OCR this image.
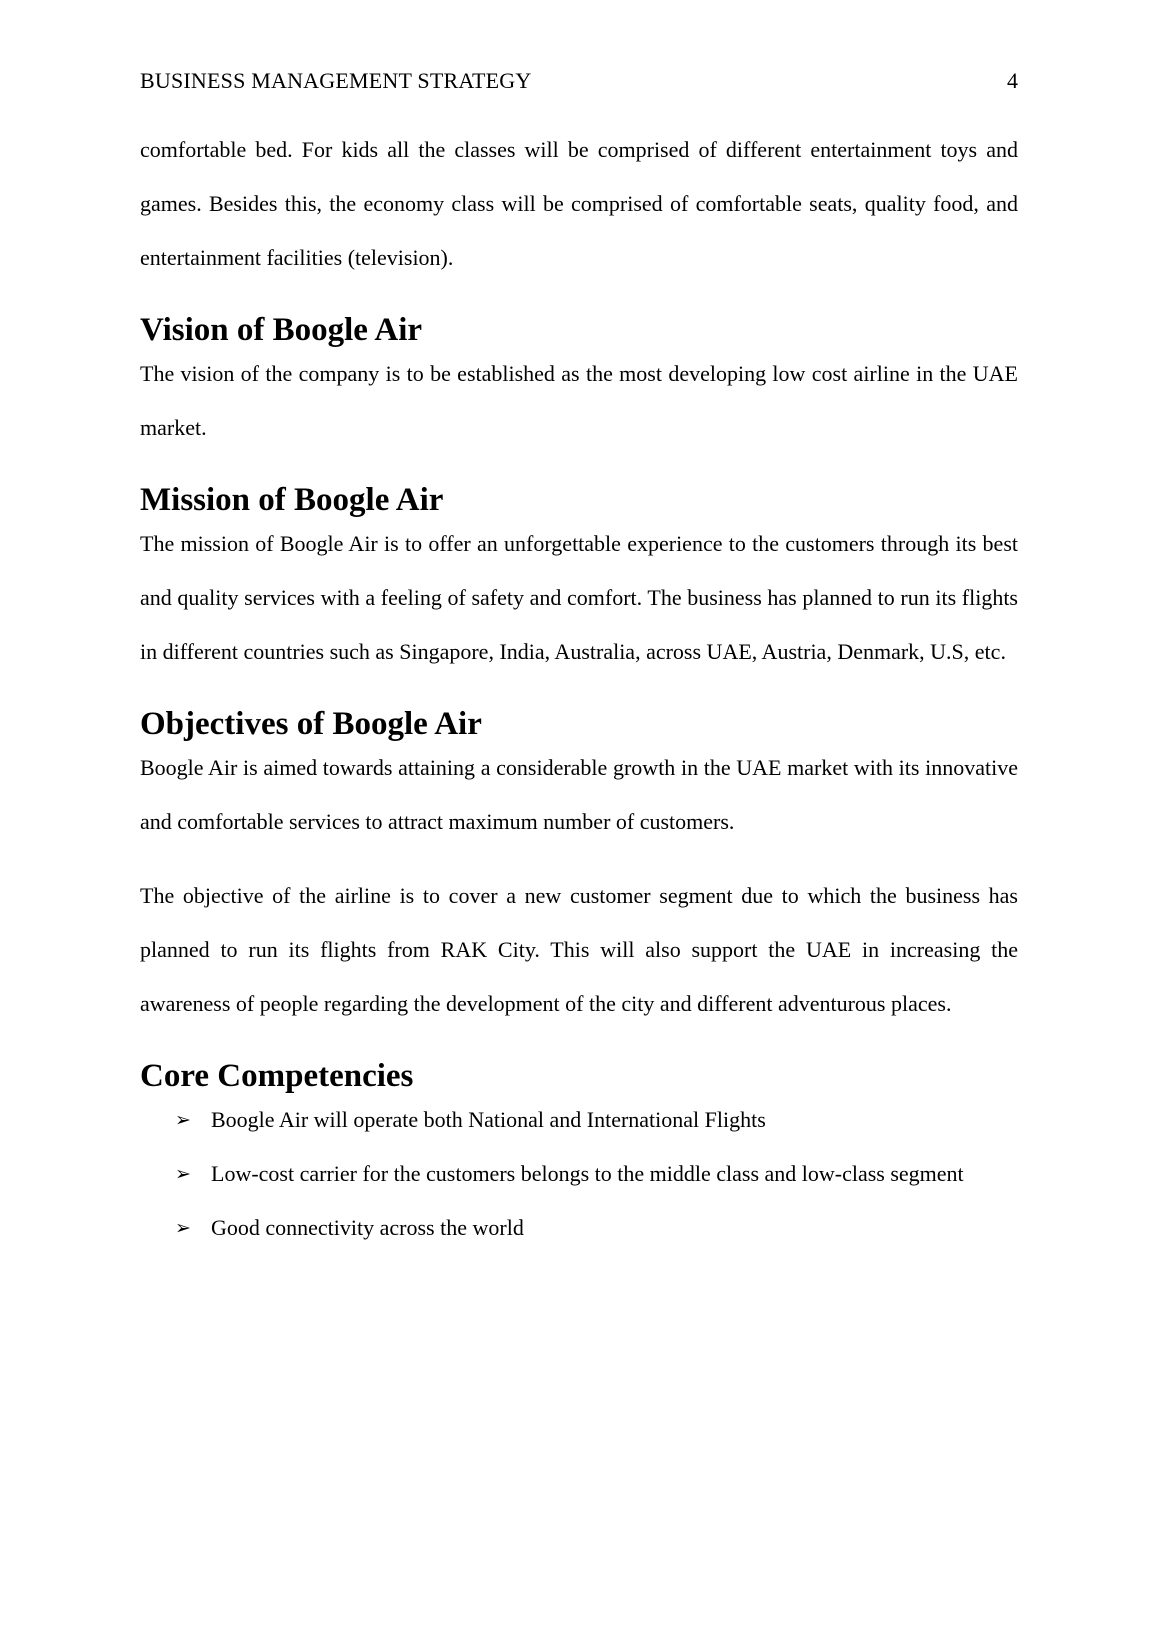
BUSINESS MANAGEMENT STRATEGY	4

comfortable bed. For kids all the classes will be comprised of different entertainment toys and games. Besides this, the economy class will be comprised of comfortable seats, quality food, and entertainment facilities (television).

Vision of Boogle Air

The vision of the company is to be established as the most developing low cost airline in the UAE market.

Mission of Boogle Air

The mission of Boogle Air is to offer an unforgettable experience to the customers through its best and quality services with a feeling of safety and comfort. The business has planned to run its flights in different countries such as Singapore, India, Australia, across UAE, Austria, Denmark, U.S, etc.

Objectives of Boogle Air

Boogle Air is aimed towards attaining a considerable growth in the UAE market with its innovative and comfortable services to attract maximum number of customers.

The objective of the airline is to cover a new customer segment due to which the business has planned to run its flights from RAK City. This will also support the UAE in increasing the awareness of people regarding the development of the city and different adventurous places.

Core Competencies
➢ Boogle Air will operate both National and International Flights
➢ Low-cost carrier for the customers belongs to the middle class and low-class segment
➢ Good connectivity across the world
